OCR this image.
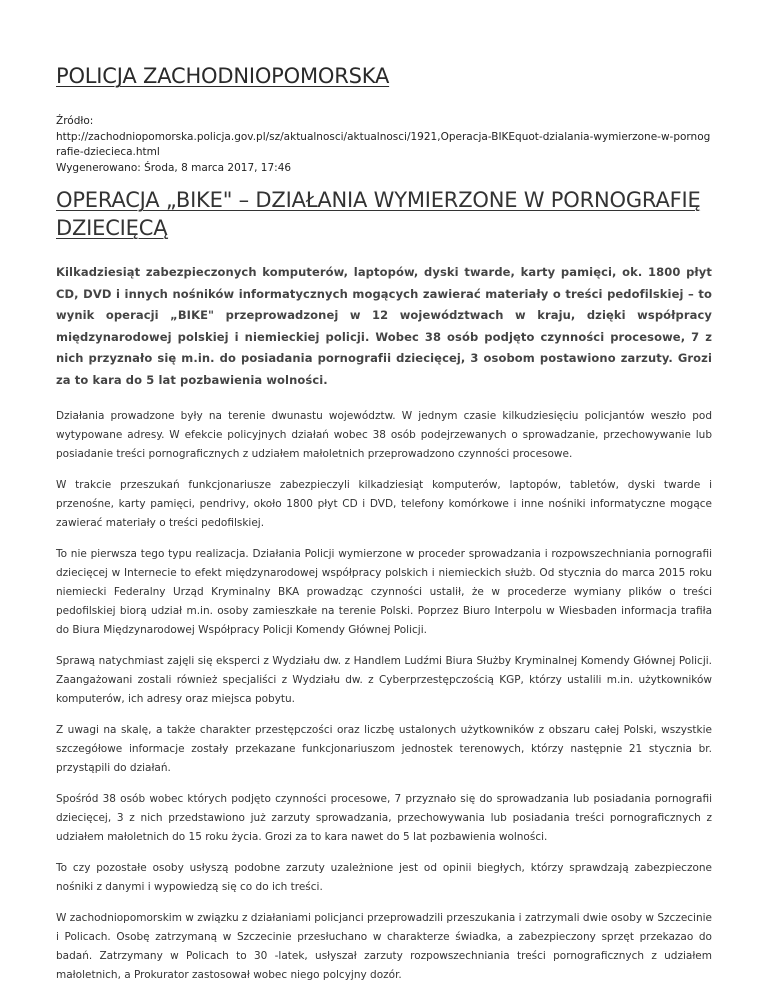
POLICJA ZACHODNIOPOMORSKA
Źródło:
http://zachodniopomorska.policja.gov.pl/sz/aktualnosci/aktualnosci/1921,Operacja-BIKEquot-dzialania-wymierzone-w-pornografie-dziecieca.html
Wygenerowano: Środa, 8 marca 2017, 17:46
OPERACJA „BIKE" – DZIAŁANIA WYMIERZONE W PORNOGRAFIĘ DZIECIĘCĄ

Kilkadziesiąt zabezpieczonych komputerów, laptopów, dyski twarde, karty pamięci, ok. 1800 płyt CD, DVD i innych nośników informatycznych mogących zawierać materiały o treści pedofilskiej – to wynik operacji „BIKE" przeprowadzonej w 12 województwach w kraju, dzięki współpracy międzynarodowej polskiej i niemieckiej policji. Wobec 38 osób podjęto czynności procesowe, 7 z nich przyznało się m.in. do posiadania pornografii dziecięcej, 3 osobom postawiono zarzuty. Grozi za to kara do 5 lat pozbawienia wolności.

Działania prowadzone były na terenie dwunastu województw. W jednym czasie kilkudziesięciu policjantów weszło pod wytypowane adresy. W efekcie policyjnych działań wobec 38 osób podejrzewanych o sprowadzanie, przechowywanie lub posiadanie treści pornograficznych z udziałem małoletnich przeprowadzono czynności procesowe.

W trakcie przeszukań funkcjonariusze zabezpieczyli kilkadziesiąt komputerów, laptopów, tabletów, dyski twarde i przenośne, karty pamięci, pendrivy, około 1800 płyt CD i DVD, telefony komórkowe i inne nośniki informatyczne mogące zawierać materiały o treści pedofilskiej.

To nie pierwsza tego typu realizacja. Działania Policji wymierzone w proceder sprowadzania i rozpowszechniania pornografii dziecięcej w Internecie to efekt międzynarodowej współpracy polskich i niemieckich służb. Od stycznia do marca 2015 roku niemiecki Federalny Urząd Kryminalny BKA prowadząc czynności ustalił, że w procederze wymiany plików o treści pedofilskiej biorą udział m.in. osoby zamieszkałe na terenie Polski. Poprzez Biuro Interpolu w Wiesbaden informacja trafiła do Biura Międzynarodowej Współpracy Policji Komendy Głównej Policji.

Sprawą natychmiast zajęli się eksperci z Wydziału dw. z Handlem Ludźmi Biura Służby Kryminalnej Komendy Głównej Policji. Zaangażowani zostali również specjaliści z Wydziału dw. z Cyberprzestępczością KGP, którzy ustalili m.in. użytkowników komputerów, ich adresy oraz miejsca pobytu.

Z uwagi na skalę, a także charakter przestępczości oraz liczbę ustalonych użytkowników z obszaru całej Polski, wszystkie szczegółowe informacje zostały przekazane funkcjonariuszom jednostek terenowych, którzy następnie 21 stycznia br. przystąpili do działań.

Spośród 38 osób wobec których podjęto czynności procesowe, 7 przyznało się do sprowadzania lub posiadania pornografii dziecięcej, 3 z nich przedstawiono już zarzuty sprowadzania, przechowywania lub posiadania treści pornograficznych z udziałem małoletnich do 15 roku życia. Grozi za to kara nawet do 5 lat pozbawienia wolności.

To czy pozostałe osoby usłyszą podobne zarzuty uzależnione jest od opinii biegłych, którzy sprawdzają zabezpieczone nośniki z danymi i wypowiedzą się co do ich treści.

W zachodniopomorskim w związku z działaniami policjanci przeprowadzili przeszukania i zatrzymali dwie osoby w Szczecinie i Policach. Osobę zatrzymaną w Szczecinie przesłuchano w charakterze świadka, a zabezpieczony sprzęt przekazao do badań. Zatrzymany w Policach to 30 -latek, usłyszał zarzuty rozpowszechniania treści pornograficznych z udziałem małoletnich, a Prokurator zastosował wobec niego polcyjny dozór.
